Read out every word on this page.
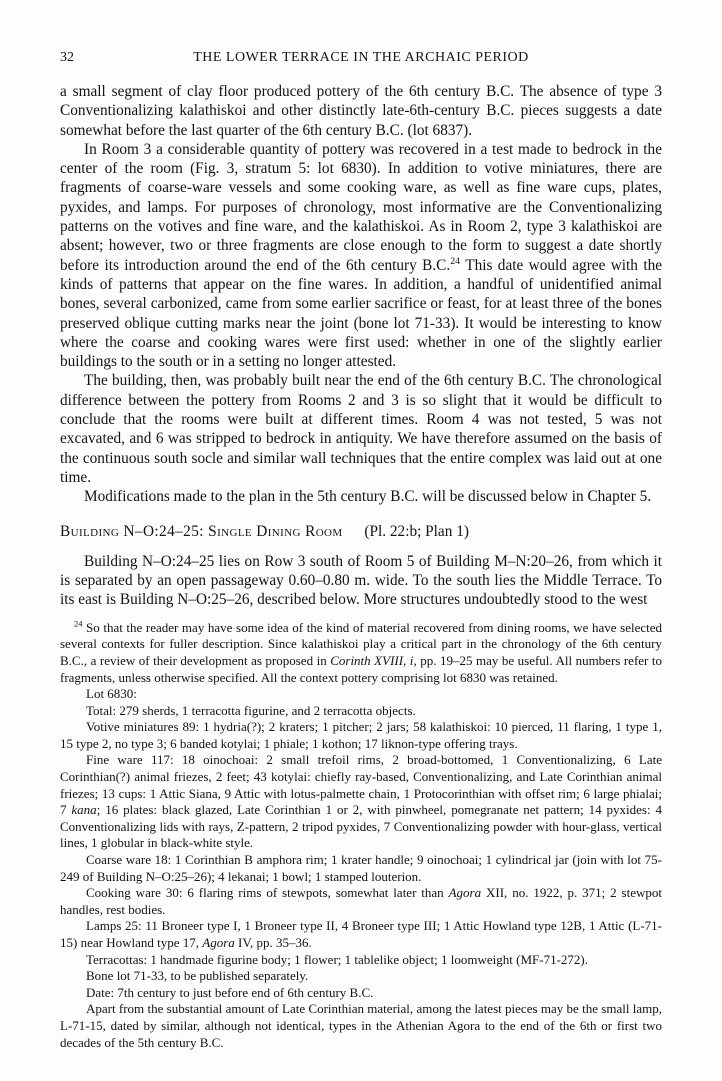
32	THE LOWER TERRACE IN THE ARCHAIC PERIOD

a small segment of clay floor produced pottery of the 6th century B.C. The absence of type 3 Conventionalizing kalathiskoi and other distinctly late-6th-century B.C. pieces suggests a date somewhat before the last quarter of the 6th century B.C. (lot 6837).

In Room 3 a considerable quantity of pottery was recovered in a test made to bedrock in the center of the room (Fig. 3, stratum 5: lot 6830). In addition to votive miniatures, there are fragments of coarse-ware vessels and some cooking ware, as well as fine ware cups, plates, pyxides, and lamps. For purposes of chronology, most informative are the Conventionalizing patterns on the votives and fine ware, and the kalathiskoi. As in Room 2, type 3 kalathiskoi are absent; however, two or three fragments are close enough to the form to suggest a date shortly before its introduction around the end of the 6th century B.C.$^{24}$ This date would agree with the kinds of patterns that appear on the fine wares. In addition, a handful of unidentified animal bones, several carbonized, came from some earlier sacrifice or feast, for at least three of the bones preserved oblique cutting marks near the joint (bone lot 71-33). It would be interesting to know where the coarse and cooking wares were first used: whether in one of the slightly earlier buildings to the south or in a setting no longer attested.

The building, then, was probably built near the end of the 6th century B.C. The chronological difference between the pottery from Rooms 2 and 3 is so slight that it would be difficult to conclude that the rooms were built at different times. Room 4 was not tested, 5 was not excavated, and 6 was stripped to bedrock in antiquity. We have therefore assumed on the basis of the continuous south socle and similar wall techniques that the entire complex was laid out at one time.

Modifications made to the plan in the 5th century B.C. will be discussed below in Chapter 5.

Building N–O:24–25: Single Dining Room (Pl. 22:b; Plan 1)

Building N–O:24–25 lies on Row 3 south of Room 5 of Building M–N:20–26, from which it is separated by an open passageway 0.60–0.80 m. wide. To the south lies the Middle Terrace. To its east is Building N–O:25–26, described below. More structures undoubtedly stood to the west

$^{24}$ So that the reader may have some idea of the kind of material recovered from dining rooms, we have selected several contexts for fuller description. Since kalathiskoi play a critical part in the chronology of the 6th century B.C., a review of their development as proposed in Corinth XVIII, i, pp. 19–25 may be useful. All numbers refer to fragments, unless otherwise specified. All the context pottery comprising lot 6830 was retained.

Lot 6830:

Total: 279 sherds, 1 terracotta figurine, and 2 terracotta objects.

Votive miniatures 89: 1 hydria(?); 2 kraters; 1 pitcher; 2 jars; 58 kalathiskoi: 10 pierced, 11 flaring, 1 type 1, 15 type 2, no type 3; 6 banded kotylai; 1 phiale; 1 kothon; 17 liknon-type offering trays.

Fine ware 117: 18 oinochoai: 2 small trefoil rims, 2 broad-bottomed, 1 Conventionalizing, 6 Late Corinthian(?) animal friezes, 2 feet; 43 kotylai: chiefly ray-based, Conventionalizing, and Late Corinthian animal friezes; 13 cups: 1 Attic Siana, 9 Attic with lotus-palmette chain, 1 Protocorinthian with offset rim; 6 large phialai; 7 kana; 16 plates: black glazed, Late Corinthian 1 or 2, with pinwheel, pomegranate net pattern; 14 pyxides: 4 Conventionalizing lids with rays, Z-pattern, 2 tripod pyxides, 7 Conventionalizing powder with hour-glass, vertical lines, 1 globular in black-white style.

Coarse ware 18: 1 Corinthian B amphora rim; 1 krater handle; 9 oinochoai; 1 cylindrical jar (join with lot 75-249 of Building N–O:25–26); 4 lekanai; 1 bowl; 1 stamped louterion.

Cooking ware 30: 6 flaring rims of stewpots, somewhat later than Agora XII, no. 1922, p. 371; 2 stewpot handles, rest bodies.

Lamps 25: 11 Broneer type I, 1 Broneer type II, 4 Broneer type III; 1 Attic Howland type 12B, 1 Attic (L-71-15) near Howland type 17, Agora IV, pp. 35–36.

Terracottas: 1 handmade figurine body; 1 flower; 1 tablelike object; 1 loomweight (MF-71-272).

Bone lot 71-33, to be published separately.

Date: 7th century to just before end of 6th century B.C.

Apart from the substantial amount of Late Corinthian material, among the latest pieces may be the small lamp, L-71-15, dated by similar, although not identical, types in the Athenian Agora to the end of the 6th or first two decades of the 5th century B.C.
